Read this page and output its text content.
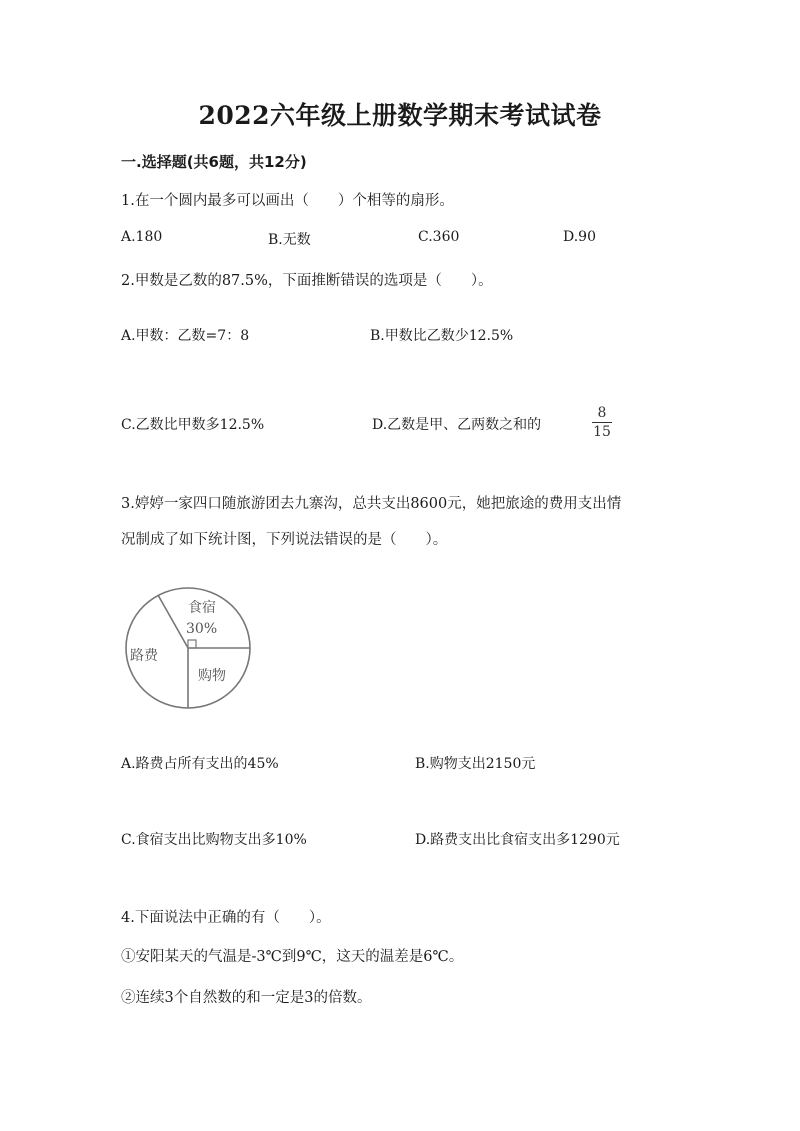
2022六年级上册数学期末考试试卷
一.选择题(共6题，共12分)
1.在一个圆内最多可以画出（　　）个相等的扇形。
A.180	B.无数	C.360	D.90
2.甲数是乙数的87.5%，下面推断错误的选项是（　　）。
A.甲数：乙数=7：8	B.甲数比乙数少12.5%
C.乙数比甲数多12.5%	D.乙数是甲、乙两数之和的
8
15
3.婷婷一家四口随旅游团去九寨沟，总共支出8600元，她把旅途的费用支出情
况制成了如下统计图，下列说法错误的是（　　）。
食宿
30%
路费
购物
A.路费占所有支出的45%	B.购物支出2150元
C.食宿支出比购物支出多10%	D.路费支出比食宿支出多1290元
4.下面说法中正确的有（　　）。
①安阳某天的气温是-3℃到9℃，这天的温差是6℃。
②连续3个自然数的和一定是3的倍数。
